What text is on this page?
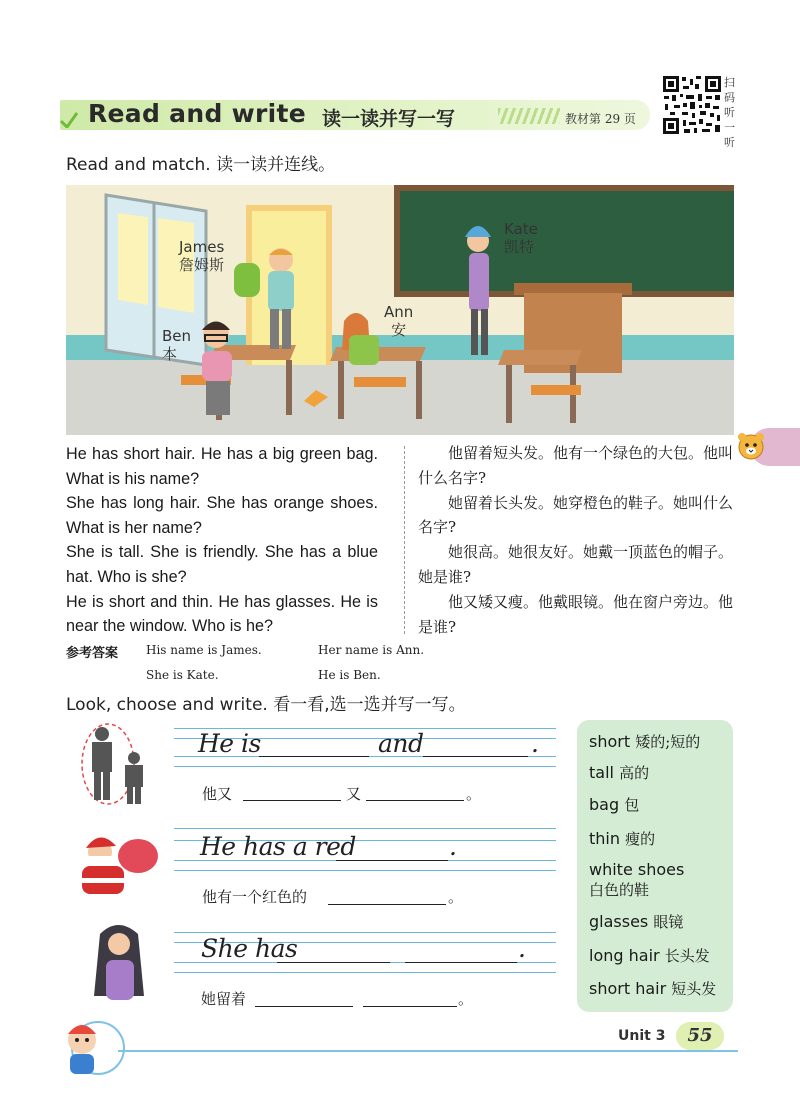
Read and write 读一读并写一写	教材第 29 页
扫码听一听
Read and match. 读一读并连线。
James
詹姆斯
Kate
凯特
Ann
安
Ben
本

He has short hair. He has a big green bag. What is his name?

She has long hair. She has orange shoes. What is her name?

She is tall. She is friendly. She has a blue hat. Who is she?

He is short and thin. He has glasses. He is near the window. Who is he?

他留着短头发。他有一个绿色的大包。他叫什么名字?

她留着长头发。她穿橙色的鞋子。她叫什么名字?

她很高。她很友好。她戴一顶蓝色的帽子。她是谁?

他又矮又瘦。他戴眼镜。他在窗户旁边。他是谁?

参考答案 His name is James.	Her name is Ann.
She is Kate.	He is Ben.
Look, choose and write. 看一看,选一选并写一写。
He is	and	.
他又	又	。
He has a red	.
他有一个红色的	。
She has	.
她留着	。
short 矮的;短的
tall 高的
bag 包
thin 瘦的
white shoes
白色的鞋
glasses 眼镜
long hair 长头发
short hair 短头发
Unit 3	55
